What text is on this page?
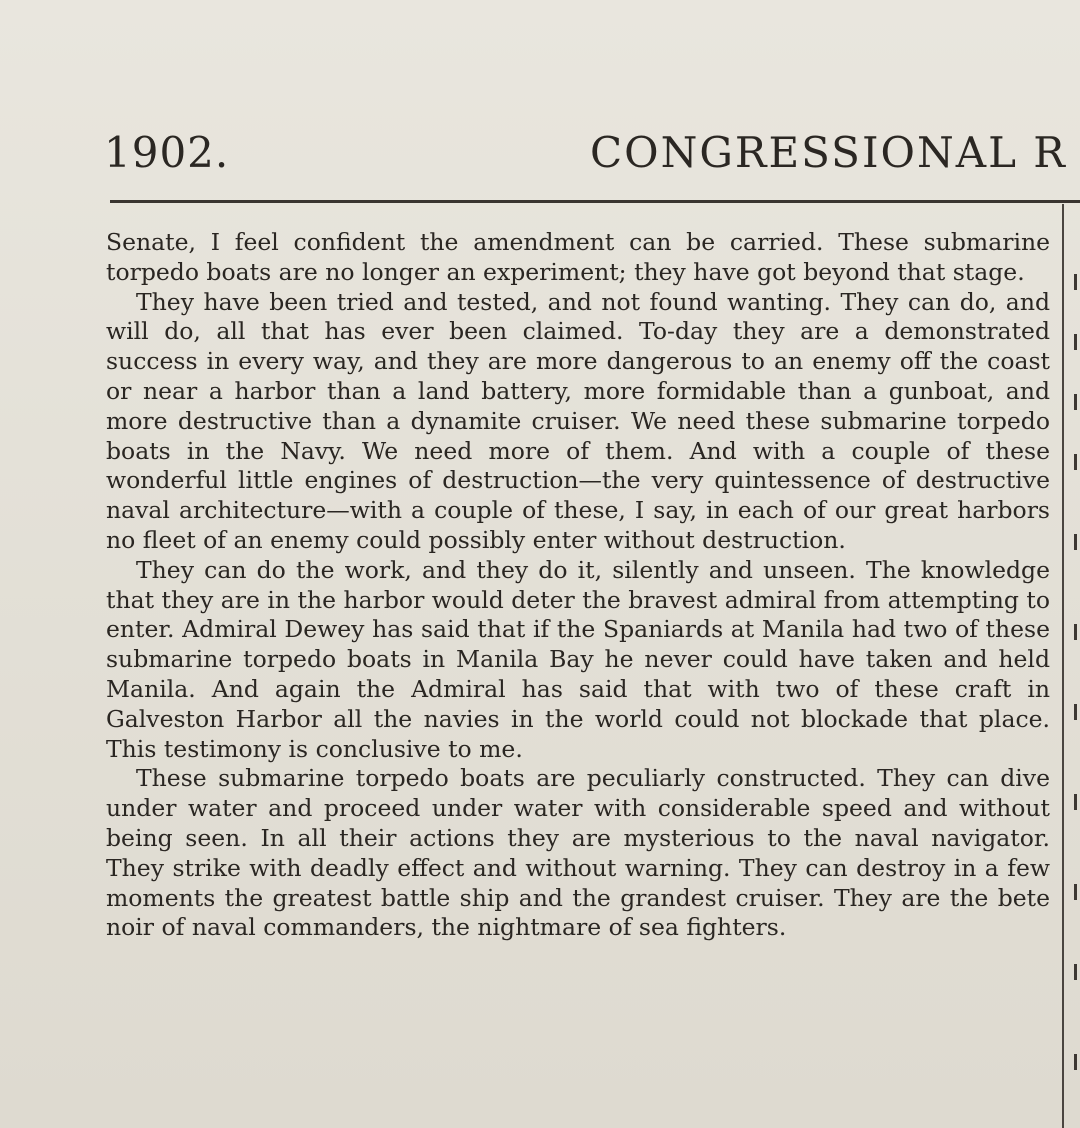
1902.	CONGRESSIONAL R

Senate, I feel confident the amendment can be carried. These submarine torpedo boats are no longer an experiment; they have got beyond that stage.

They have been tried and tested, and not found wanting. They can do, and will do, all that has ever been claimed. To-day they are a demonstrated success in every way, and they are more dangerous to an enemy off the coast or near a harbor than a land battery, more formidable than a gunboat, and more destructive than a dynamite cruiser. We need these submarine torpedo boats in the Navy. We need more of them. And with a couple of these wonderful little engines of destruction—the very quintessence of destructive naval architecture—with a couple of these, I say, in each of our great harbors no fleet of an enemy could possibly enter without destruction.

They can do the work, and they do it, silently and unseen. The knowledge that they are in the harbor would deter the bravest admiral from attempting to enter. Admiral Dewey has said that if the Spaniards at Manila had two of these submarine torpedo boats in Manila Bay he never could have taken and held Manila. And again the Admiral has said that with two of these craft in Galveston Harbor all the navies in the world could not blockade that place. This testimony is conclusive to me.

These submarine torpedo boats are peculiarly constructed. They can dive under water and proceed under water with considerable speed and without being seen. In all their actions they are mysterious to the naval navigator. They strike with deadly effect and without warning. They can destroy in a few moments the greatest battle ship and the grandest cruiser. They are the bete noir of naval commanders, the nightmare of sea fighters.
